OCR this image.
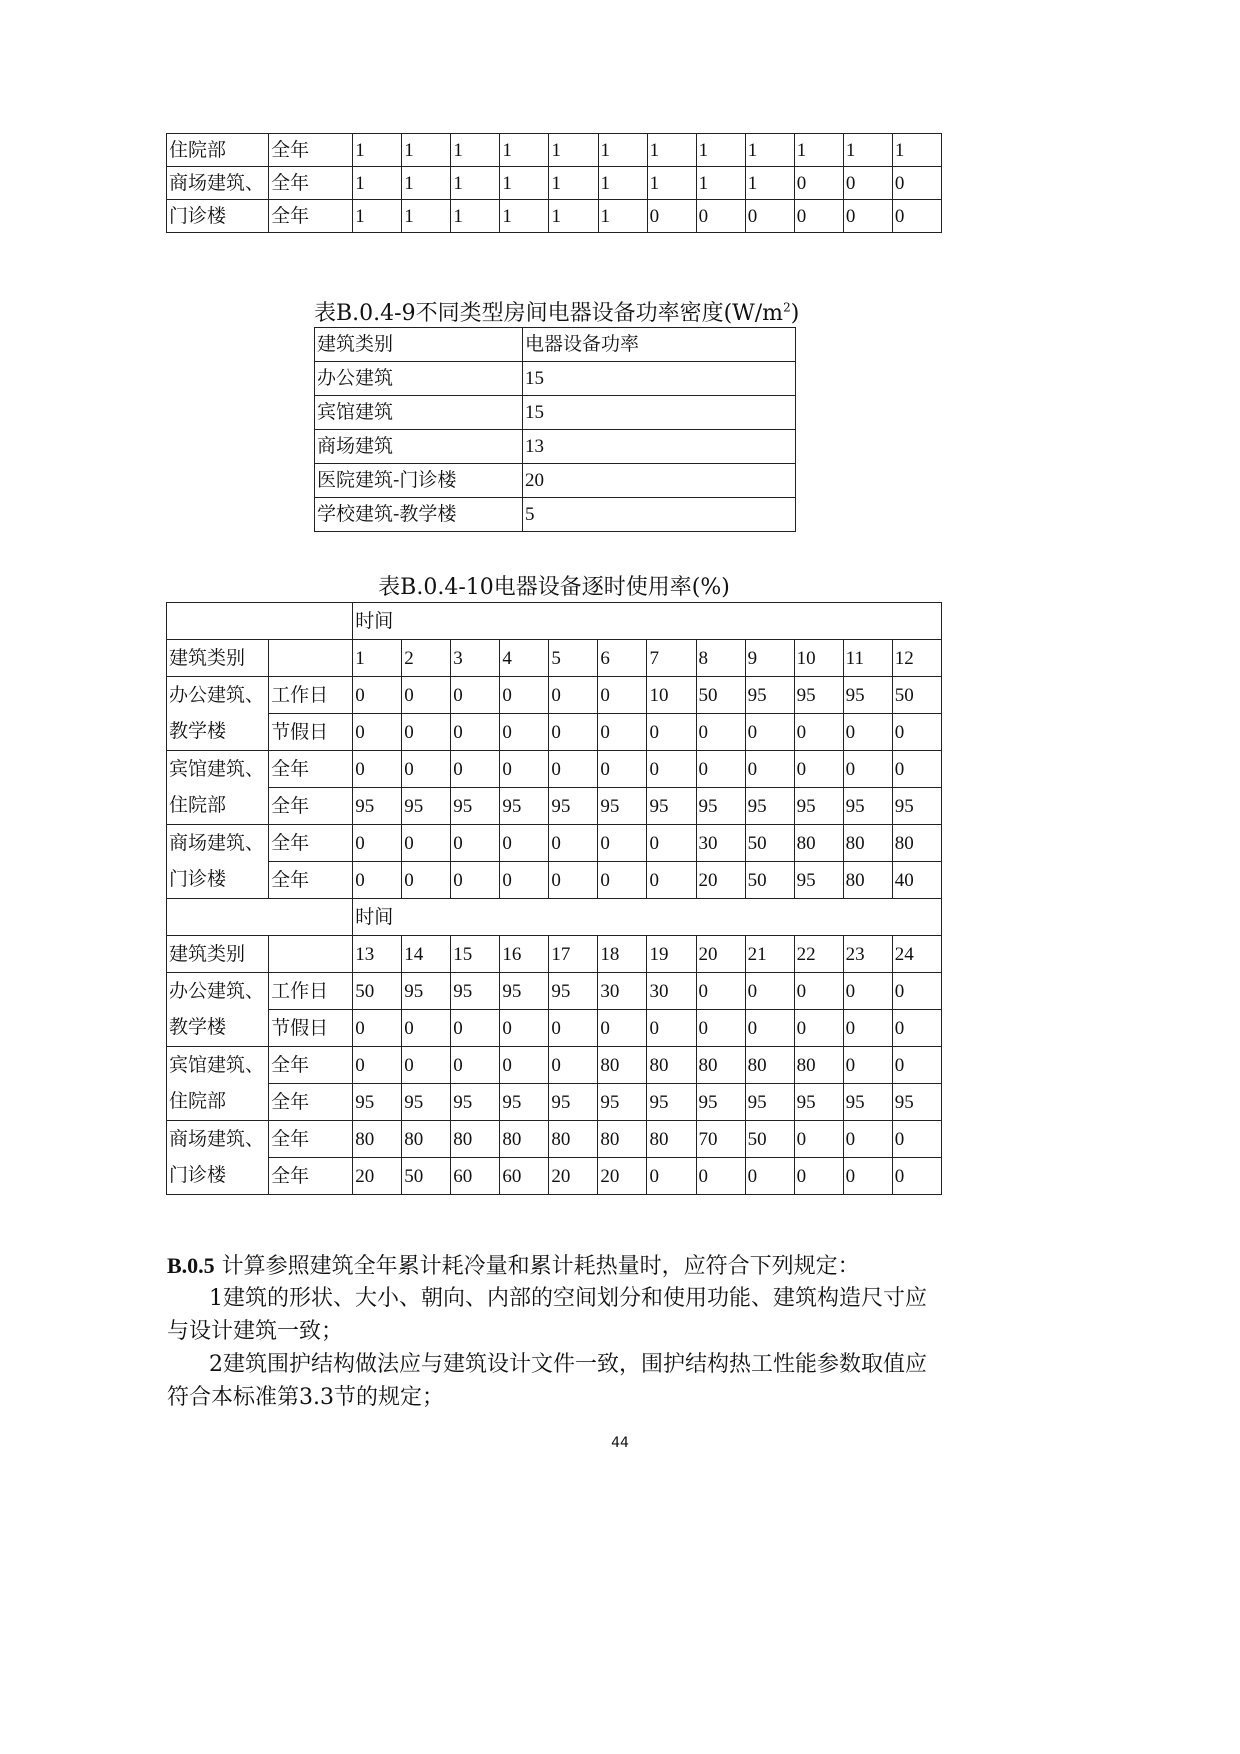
住院部	全年	1	1	1	1	1	1	1	1	1	1	1	1
商场建筑、	全年	1	1	1	1	1	1	1	1	1	0	0	0
门诊楼	全年	1	1	1	1	1	1	0	0	0	0	0	0
表B.0.4-9不同类型房间电器设备功率密度$(W/m^2)$
建筑类别	电器设备功率
办公建筑	15
宾馆建筑	15
商场建筑	13
医院建筑-门诊楼	20
学校建筑-教学楼	5
表B.0.4-10电器设备逐时使用率(%)
		时间											
建筑类别		1	2	3	4	5	6	7	8	9	10	11	12

办公建筑、
教学楼	工作日	0	0	0	0	0	0	10	50	95	95	95	50
	节假日	0	0	0	0	0	0	0	0	0	0	0	0

宾馆建筑、
住院部	全年	0	0	0	0	0	0	0	0	0	0	0	0
	全年	95	95	95	95	95	95	95	95	95	95	95	95

商场建筑、
门诊楼	全年	0	0	0	0	0	0	0	30	50	80	80	80
	全年	0	0	0	0	0	0	0	20	50	95	80	40
		时间											
建筑类别		13	14	15	16	17	18	19	20	21	22	23	24

办公建筑、
教学楼	工作日	50	95	95	95	95	30	30	0	0	0	0	0
	节假日	0	0	0	0	0	0	0	0	0	0	0	0

宾馆建筑、
住院部	全年	0	0	0	0	0	80	80	80	80	80	0	0
	全年	95	95	95	95	95	95	95	95	95	95	95	95

商场建筑、
门诊楼	全年	80	80	80	80	80	80	80	70	50	0	0	0
	全年	20	50	60	60	20	20	0	0	0	0	0	0
B.0.5 计算参照建筑全年累计耗冷量和累计耗热量时，应符合下列规定：
1建筑的形状、大小、朝向、内部的空间划分和使用功能、建筑构造尺寸应与设计建筑一致；
2建筑围护结构做法应与建筑设计文件一致，围护结构热工性能参数取值应符合本标准第3.3节的规定；
44
